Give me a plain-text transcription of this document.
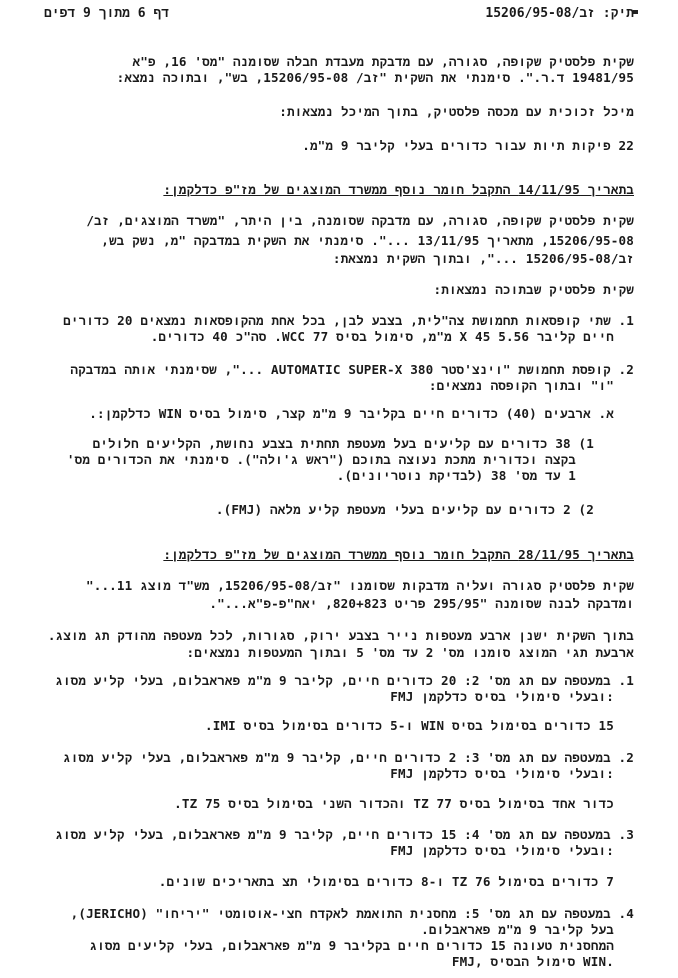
תיק: זב/15206/95-08
דף 6 מתוך 9 דפים
שקית פלסטיק שקופה, סגורה, עם מדבקת מעבדת חבלה שסומנה "מס' 16, פ"א
19481/95 ד.ר.". סימנתי את השקית "זב/ 15206/95-08, בש", ובתוכה נמצא:
מיכל זכוכית עם מכסה פלסטיק, בתוך המיכל נמצאות:
22 פיקות תיות עבור כדורים בעלי קליבר 9 מ"מ.
בתאריך 14/11/95 התקבל חומר נוסף ממשרד המוצגים של מז"פ כדלקמן:
שקית פלסטיק שקופה, סגורה, עם מדבקה שסומנה, בין היתר, "משרד המוצגים, זב/
15206/95-08, מתאריך 13/11/95 ...". סימנתי את השקית במדבקה "מ, נשק בש,
זב/15206/95-08 ...", ובתוך השקית נמצאת:
שקית פלסטיק שבתוכה נמצאות:
1. שתי קופסאות תחמושת צה"לית, בצבע לבן, בכל אחת מהקופסאות נמצאים 20 כדורים
חיים קליבר 5.56 X 45 מ"מ, סימול בסיס WCC 77. סה"כ 40 כדורים.
2. קופסת תחמושת "וינצ'סטר 380 AUTOMATIC SUPER-X ...", שסימנתי אותה במדבקה
"ו" ובתוך הקופסה נמצאים:
א. ארבעים (40) כדורים חיים בקליבר 9 מ"מ קצר, סימול בסיס WIN כדלקמן:.
1) 38 כדורים עם קליעים בעל מעטפת תחתית בצבע נחושת, הקליעים חלולים
בקצה וכדורית מתכת נעוצה בתוכם ("ראש ג'ולה"). סימנתי את הכדורים מס'
1 עד מס' 38 (לבדיקת נוטריונים).
2) 2 כדורים עם קליעים בעלי מעטפת קליע מלאה (FMJ).
בתאריך 28/11/95 התקבל חומר נוסף ממשרד המוצגים של מז"פ כדלקמן:
שקית פלסטיק סגורה ועליה מדבקות שסומנו "זב/15206/95-08, מש"ד מוצג 11..."
ומדבקה לבנה שסומנה "295/95 פריט 820+823, יאח"פ-פ"א...".
בתוך השקית ישנן ארבע מעטפות נייר בצבע ירוק, סגורות, לכל מעטפה מהודק תג מוצג.
ארבעת תגי המוצג סומנו מס' 2 עד מס' 5 ובתוך המעטפות נמצאים:
1. במעטפה עם תג מס' 2: 20 כדורים חיים, קליבר 9 מ"מ פאראבלום, בעלי קליע מסוג
FMJ ובעלי סימולי בסיס כדלקמן:
15 כדורים בסימול בסיס WIN ו-5 כדורים בסימול בסיס IMI.
2. במעטפה עם תג מס' 3: 2 כדורים חיים, קליבר 9 מ"מ פאראבלום, בעלי קליע מסוג
FMJ ובעלי סימולי בסיס כדלקמן:
כדור אחד בסימול בסיס TZ 77 והכדור השני בסימול בסיס TZ 75.
3. במעטפה עם תג מס' 4: 15 כדורים חיים, קליבר 9 מ"מ פאראבלום, בעלי קליע מסוג
FMJ ובעלי סימולי בסיס כדלקמן:
7 כדורים בסימול TZ 76 ו-8 כדורים בסימולי תצ בתאריכים שונים.
4. במעטפה עם תג מס' 5: מחסנית התואמת לאקדח חצי-אוטומטי "יריחו" (JERICHO),
בעל קליבר 9 מ"מ פאראבלום.
המחסנית טעונה 15 כדורים חיים בקליבר 9 מ"מ פאראבלום, בעלי קליעים מסוג
FMJ, סימול הבסיס WIN.
